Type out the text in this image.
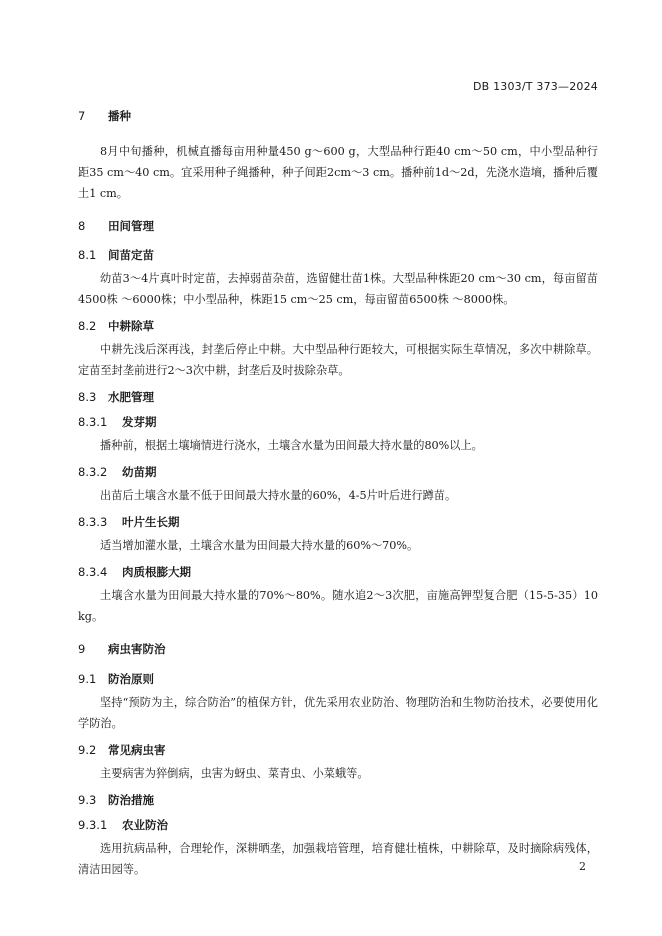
DB 1303/T 373—2024
7	播种

8月中旬播种，机械直播每亩用种量450 g～600 g，大型品种行距40 cm～50 cm，中小型品种行距35 cm～40 cm。宜采用种子绳播种，种子间距2cm～3 cm。播种前1d～2d，先浇水造墒，播种后覆土1 cm。

8	田间管理
8.1	间苗定苗

幼苗3～4片真叶时定苗，去掉弱苗杂苗，选留健壮苗1株。大型品种株距20 cm～30 cm，每亩留苗4500株 ～6000株；中小型品种，株距15 cm～25 cm，每亩留苗6500株 ～8000株。

8.2	中耕除草

中耕先浅后深再浅，封垄后停止中耕。大中型品种行距较大，可根据实际生草情况，多次中耕除草。定苗至封垄前进行2～3次中耕，封垄后及时拔除杂草。

8.3	水肥管理
8.3.1	发芽期

播种前，根据土壤墒情进行浇水，土壤含水量为田间最大持水量的80%以上。

8.3.2	幼苗期

出苗后土壤含水量不低于田间最大持水量的60%，4-5片叶后进行蹲苗。

8.3.3	叶片生长期

适当增加灌水量，土壤含水量为田间最大持水量的60%～70%。

8.3.4	肉质根膨大期

土壤含水量为田间最大持水量的70%～80%。随水追2～3次肥，亩施高钾型复合肥（15-5-35）10 kg。

9	病虫害防治
9.1	防治原则

坚持“预防为主，综合防治”的植保方针，优先采用农业防治、物理防治和生物防治技术，必要使用化学防治。

9.2	常见病虫害

主要病害为猝倒病，虫害为蚜虫、菜青虫、小菜蛾等。

9.3	防治措施
9.3.1	农业防治

选用抗病品种，合理轮作，深耕晒垄，加强栽培管理，培育健壮植株，中耕除草，及时摘除病残体，清洁田园等。	2
